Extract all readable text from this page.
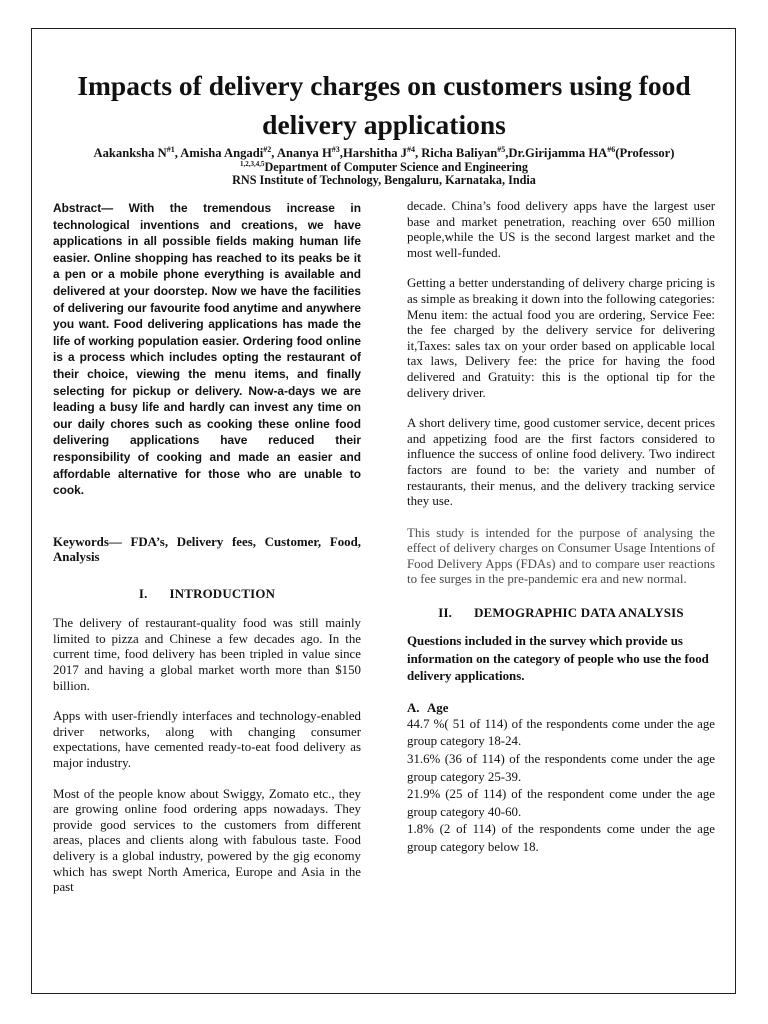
Impacts of delivery charges on customers using food delivery applications
Aakanksha $N^{\#1}$, Amisha Angadi$^{\#2}$, Ananya $H^{\#3},Harshitha$ $J^{\#4}$, Richa Baliyan$^{\#5}$,Dr.Girijamma HA$^{\#6}$(Professor)
$^{1,2,3,4,5}$Department of Computer Science and Engineering
RNS Institute of Technology, Bengaluru, Karnataka, India

Abstract— With the tremendous increase in technological inventions and creations, we have applications in all possible fields making human life easier. Online shopping has reached to its peaks be it a pen or a mobile phone everything is available and delivered at your doorstep. Now we have the facilities of delivering our favourite food anytime and anywhere you want. Food delivering applications has made the life of working population easier. Ordering food online is a process which includes opting the restaurant of their choice, viewing the menu items, and finally selecting for pickup or delivery. Now-a-days we are leading a busy life and hardly can invest any time on our daily chores such as cooking these online food delivering applications have reduced their responsibility of cooking and made an easier and affordable alternative for those who are unable to cook.

Keywords— FDA’s, Delivery fees, Customer, Food, Analysis

I. INTRODUCTION

The delivery of restaurant-quality food was still mainly limited to pizza and Chinese a few decades ago. In the current time, food delivery has been tripled in value since 2017 and having a global market worth more than $150 billion.

Apps with user-friendly interfaces and technology-enabled driver networks, along with changing consumer expectations, have cemented ready-to-eat food delivery as major industry.

Most of the people know about Swiggy, Zomato etc., they are growing online food ordering apps nowadays. They provide good services to the customers from different areas, places and clients along with fabulous taste. Food delivery is a global industry, powered by the gig economy which has swept North America, Europe and Asia in the past

decade. China’s food delivery apps have the largest user base and market penetration, reaching over 650 million people,while the US is the second largest market and the most well-funded.

Getting a better understanding of delivery charge pricing is as simple as breaking it down into the following categories: Menu item: the actual food you are ordering, Service Fee: the fee charged by the delivery service for delivering it,Taxes: sales tax on your order based on applicable local tax laws, Delivery fee: the price for having the food delivered and Gratuity: this is the optional tip for the delivery driver.

A short delivery time, good customer service, decent prices and appetizing food are the first factors considered to influence the success of online food delivery. Two indirect factors are found to be: the variety and number of restaurants, their menus, and the delivery tracking service they use.

This study is intended for the purpose of analysing the effect of delivery charges on Consumer Usage Intentions of Food Delivery Apps (FDAs) and to compare user reactions to fee surges in the pre-pandemic era and new normal.

II. DEMOGRAPHIC DATA ANALYSIS

Questions included in the survey which provide us information on the category of people who use the food delivery applications.

A. Age

44.7 %( 51 of 114) of the respondents come under the age group category 18-24.

31.6% (36 of 114) of the respondents come under the age group category 25-39.

21.9% (25 of 114) of the respondent come under the age group category 40-60.

1.8% (2 of 114) of the respondents come under the age group category below 18.
